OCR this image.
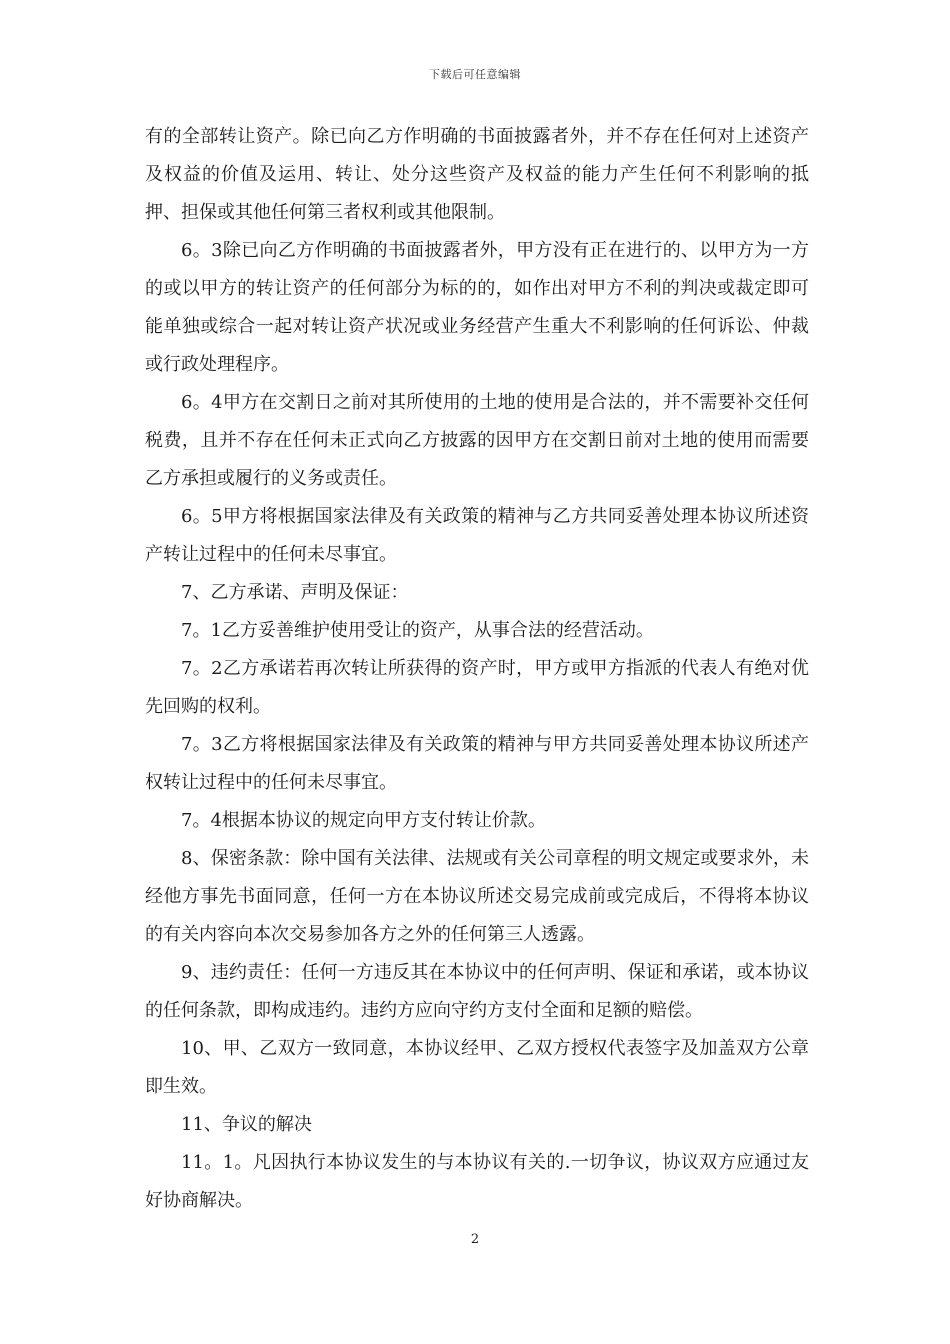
下载后可任意编辑

有的全部转让资产。除已向乙方作明确的书面披露者外，并不存在任何对上述资产及权益的价值及运用、转让、处分这些资产及权益的能力产生任何不利影响的抵押、担保或其他任何第三者权利或其他限制。

6。3除已向乙方作明确的书面披露者外，甲方没有正在进行的、以甲方为一方的或以甲方的转让资产的任何部分为标的的，如作出对甲方不利的判决或裁定即可能单独或综合一起对转让资产状况或业务经营产生重大不利影响的任何诉讼、仲裁或行政处理程序。

6。4甲方在交割日之前对其所使用的土地的使用是合法的，并不需要补交任何税费，且并不存在任何未正式向乙方披露的因甲方在交割日前对土地的使用而需要乙方承担或履行的义务或责任。

6。5甲方将根据国家法律及有关政策的精神与乙方共同妥善处理本协议所述资产转让过程中的任何未尽事宜。

7、乙方承诺、声明及保证：

7。1乙方妥善维护使用受让的资产，从事合法的经营活动。

7。2乙方承诺若再次转让所获得的资产时，甲方或甲方指派的代表人有绝对优先回购的权利。

7。3乙方将根据国家法律及有关政策的精神与甲方共同妥善处理本协议所述产权转让过程中的任何未尽事宜。

7。4根据本协议的规定向甲方支付转让价款。

8、保密条款：除中国有关法律、法规或有关公司章程的明文规定或要求外，未经他方事先书面同意，任何一方在本协议所述交易完成前或完成后，不得将本协议的有关内容向本次交易参加各方之外的任何第三人透露。

9、违约责任：任何一方违反其在本协议中的任何声明、保证和承诺，或本协议的任何条款，即构成违约。违约方应向守约方支付全面和足额的赔偿。

10、甲、乙双方一致同意，本协议经甲、乙双方授权代表签字及加盖双方公章即生效。

11、争议的解决

11。1。凡因执行本协议发生的与本协议有关的.一切争议，协议双方应通过友好协商解决。

2
